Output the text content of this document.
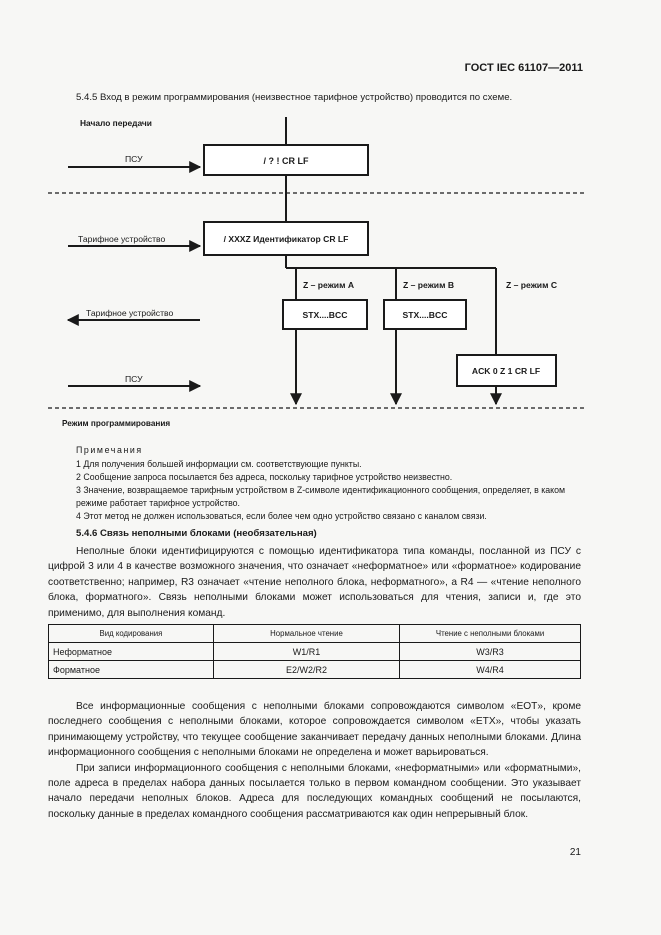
ГОСТ IEC 61107—2011
5.4.5 Вход в режим программирования (неизвестное тарифное устройство) проводится по схеме.
Начало передачи
ПСУ	/ ? ! CR LF
Тарифное устройство	/ XXXZ Идентификатор CR LF
Z – режим A	Z – режим B	Z – режим C
Тарифное устройство	STX....BCC	STX....BCC
ПСУ
ACK 0 Z 1 CR LF
Режим программирования
Примечания
1 Для получения большей информации см. соответствующие пункты.
2 Сообщение запроса посылается без адреса, поскольку тарифное устройство неизвестно.
3 Значение, возвращаемое тарифным устройством в Z-символе идентификационного сообщения, определяет, в каком режиме работает тарифное устройство.
4 Этот метод не должен использоваться, если более чем одно устройство связано с каналом связи.
5.4.6 Связь неполными блоками (необязательная)

Неполные блоки идентифицируются с помощью идентификатора типа команды, посланной из ПСУ с цифрой 3 или 4 в качестве возможного значения, что означает «неформатное» или «форматное» кодирование соответственно; например, R3 означает «чтение неполного блока, неформатного», a R4 — «чтение неполного блока, форматного». Связь неполными блоками может использоваться для чтения, записи и, где это применимо, для выполнения команд.

Вид кодирования	Нормальное чтение	Чтение с неполными блоками
Неформатное	W1/R1	W3/R3
Форматное	E2/W2/R2	W4/R4

Все информационные сообщения с неполными блоками сопровождаются символом «EOT», кроме последнего сообщения с неполными блоками, которое сопровождается символом «ETX», чтобы указать принимающему устройству, что текущее сообщение заканчивает передачу данных неполными блоками. Длина информационного сообщения с неполными блоками не определена и может варьироваться.

При записи информационного сообщения с неполными блоками, «неформатными» или «форматными», поле адреса в пределах набора данных посылается только в первом командном сообщении. Это указывает начало передачи неполных блоков. Адреса для последующих командных сообщений не посылаются, поскольку данные в пределах командного сообщения рассматриваются как один непрерывный блок.

21
